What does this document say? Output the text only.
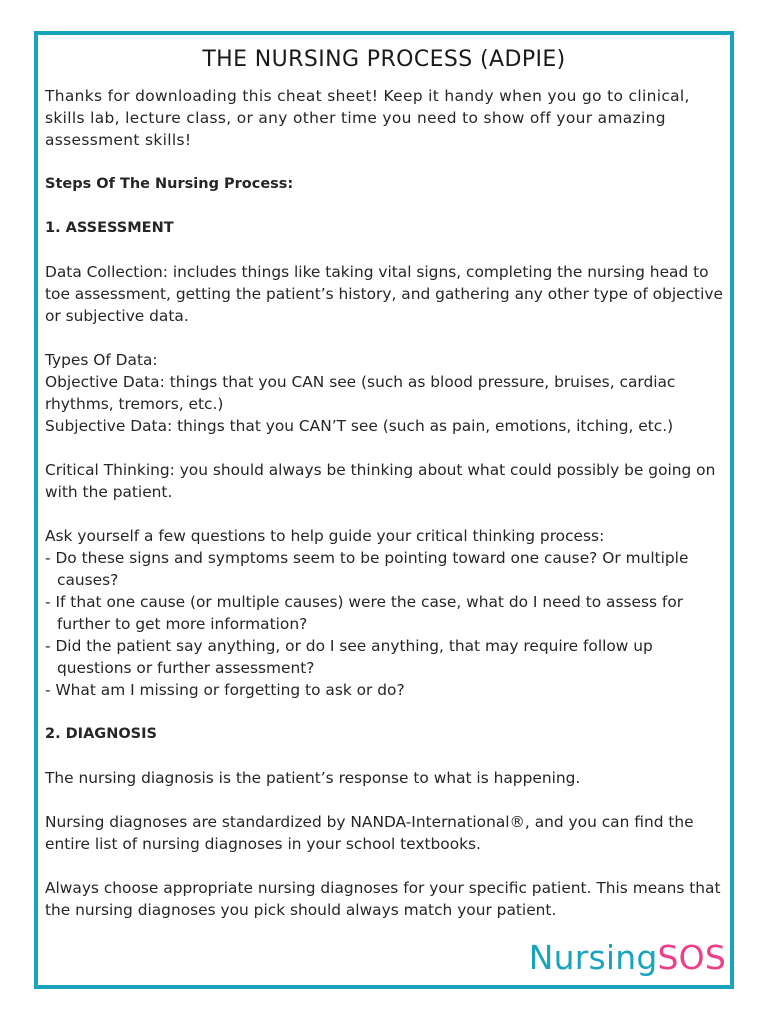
THE NURSING PROCESS (ADPIE)

Thanks for downloading this cheat sheet! Keep it handy when you go to clinical, skills lab, lecture class, or any other time you need to show off your amazing assessment skills!

Steps Of The Nursing Process:

1. ASSESSMENT

Data Collection: includes things like taking vital signs, completing the nursing head to toe assessment, getting the patient’s history, and gathering any other type of objective or subjective data.

Types Of Data:

Objective Data: things that you CAN see (such as blood pressure, bruises, cardiac rhythms, tremors, etc.)

Subjective Data: things that you CAN’T see (such as pain, emotions, itching, etc.)

Critical Thinking: you should always be thinking about what could possibly be going on with the patient.

Ask yourself a few questions to help guide your critical thinking process:

- Do these signs and symptoms seem to be pointing toward one cause? Or multiple causes?

- If that one cause (or multiple causes) were the case, what do I need to assess for further to get more information?

- Did the patient say anything, or do I see anything, that may require follow up questions or further assessment?

- What am I missing or forgetting to ask or do?

2. DIAGNOSIS

The nursing diagnosis is the patient’s response to what is happening.

Nursing diagnoses are standardized by NANDA-International®, and you can find the entire list of nursing diagnoses in your school textbooks.

Always choose appropriate nursing diagnoses for your specific patient. This means that the nursing diagnoses you pick should always match your patient.

NursingSOS
